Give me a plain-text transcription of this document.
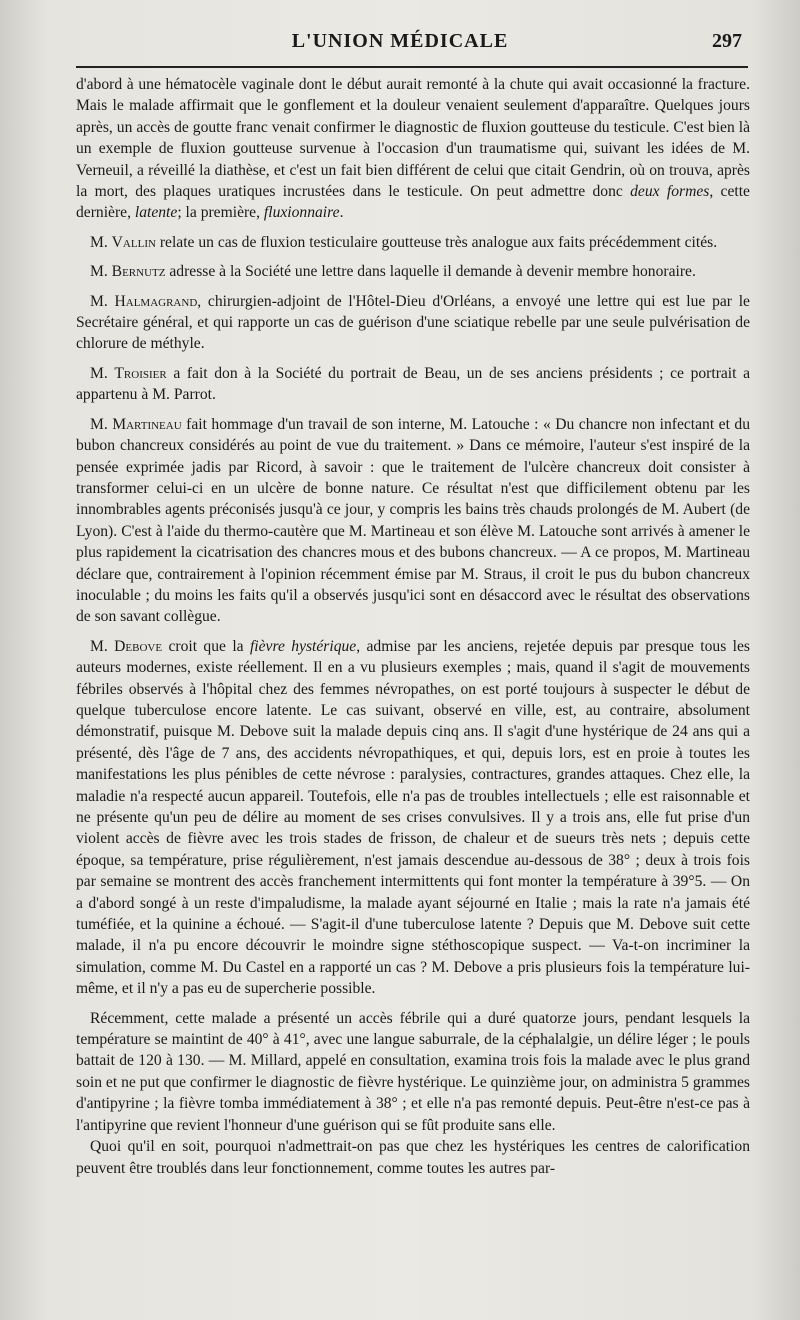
L'UNION MÉDICALE	297

d'abord à une hématocèle vaginale dont le début aurait remonté à la chute qui avait occasionné la fracture. Mais le malade affirmait que le gonflement et la douleur venaient seulement d'apparaître. Quelques jours après, un accès de goutte franc venait confirmer le diagnostic de fluxion goutteuse du testicule. C'est bien là un exemple de fluxion goutteuse survenue à l'occasion d'un traumatisme qui, suivant les idées de M. Verneuil, a réveillé la diathèse, et c'est un fait bien différent de celui que citait Gendrin, où on trouva, après la mort, des plaques uratiques incrustées dans le testicule. On peut admettre donc deux formes, cette dernière, latente; la première, fluxionnaire.

M. Vallin relate un cas de fluxion testiculaire goutteuse très analogue aux faits précédemment cités.

M. Bernutz adresse à la Société une lettre dans laquelle il demande à devenir membre honoraire.

M. Halmagrand, chirurgien-adjoint de l'Hôtel-Dieu d'Orléans, a envoyé une lettre qui est lue par le Secrétaire général, et qui rapporte un cas de guérison d'une sciatique rebelle par une seule pulvérisation de chlorure de méthyle.

M. Troisier a fait don à la Société du portrait de Beau, un de ses anciens présidents ; ce portrait a appartenu à M. Parrot.

M. Martineau fait hommage d'un travail de son interne, M. Latouche : « Du chancre non infectant et du bubon chancreux considérés au point de vue du traitement. » Dans ce mémoire, l'auteur s'est inspiré de la pensée exprimée jadis par Ricord, à savoir : que le traitement de l'ulcère chancreux doit consister à transformer celui-ci en un ulcère de bonne nature. Ce résultat n'est que difficilement obtenu par les innombrables agents préconisés jusqu'à ce jour, y compris les bains très chauds prolongés de M. Aubert (de Lyon). C'est à l'aide du thermo-cautère que M. Martineau et son élève M. Latouche sont arrivés à amener le plus rapidement la cicatrisation des chancres mous et des bubons chancreux. — A ce propos, M. Martineau déclare que, contrairement à l'opinion récemment émise par M. Straus, il croit le pus du bubon chancreux inoculable ; du moins les faits qu'il a observés jusqu'ici sont en désaccord avec le résultat des observations de son savant collègue.

M. Debove croit que la fièvre hystérique, admise par les anciens, rejetée depuis par presque tous les auteurs modernes, existe réellement. Il en a vu plusieurs exemples ; mais, quand il s'agit de mouvements fébriles observés à l'hôpital chez des femmes névropathes, on est porté toujours à suspecter le début de quelque tuberculose encore latente. Le cas suivant, observé en ville, est, au contraire, absolument démonstratif, puisque M. Debove suit la malade depuis cinq ans. Il s'agit d'une hystérique de 24 ans qui a présenté, dès l'âge de 7 ans, des accidents névropathiques, et qui, depuis lors, est en proie à toutes les manifestations les plus pénibles de cette névrose : paralysies, contractures, grandes attaques. Chez elle, la maladie n'a respecté aucun appareil. Toutefois, elle n'a pas de troubles intellectuels ; elle est raisonnable et ne présente qu'un peu de délire au moment de ses crises convulsives. Il y a trois ans, elle fut prise d'un violent accès de fièvre avec les trois stades de frisson, de chaleur et de sueurs très nets ; depuis cette époque, sa température, prise régulièrement, n'est jamais descendue au-dessous de 38° ; deux à trois fois par semaine se montrent des accès franchement intermittents qui font monter la température à 39°5. — On a d'abord songé à un reste d'impaludisme, la malade ayant séjourné en Italie ; mais la rate n'a jamais été tuméfiée, et la quinine a échoué. — S'agit-il d'une tuberculose latente ? Depuis que M. Debove suit cette malade, il n'a pu encore découvrir le moindre signe stéthoscopique suspect. — Va-t-on incriminer la simulation, comme M. Du Castel en a rapporté un cas ? M. Debove a pris plusieurs fois la température lui-même, et il n'y a pas eu de supercherie possible.

Récemment, cette malade a présenté un accès fébrile qui a duré quatorze jours, pendant lesquels la température se maintint de 40° à 41°, avec une langue saburrale, de la céphalalgie, un délire léger ; le pouls battait de 120 à 130. — M. Millard, appelé en consultation, examina trois fois la malade avec le plus grand soin et ne put que confirmer le diagnostic de fièvre hystérique. Le quinzième jour, on administra 5 grammes d'antipyrine ; la fièvre tomba immédiatement à 38° ; et elle n'a pas remonté depuis. Peut-être n'est-ce pas à l'antipyrine que revient l'honneur d'une guérison qui se fût produite sans elle.

Quoi qu'il en soit, pourquoi n'admettrait-on pas que chez les hystériques les centres de calorification peuvent être troublés dans leur fonctionnement, comme toutes les autres par-
